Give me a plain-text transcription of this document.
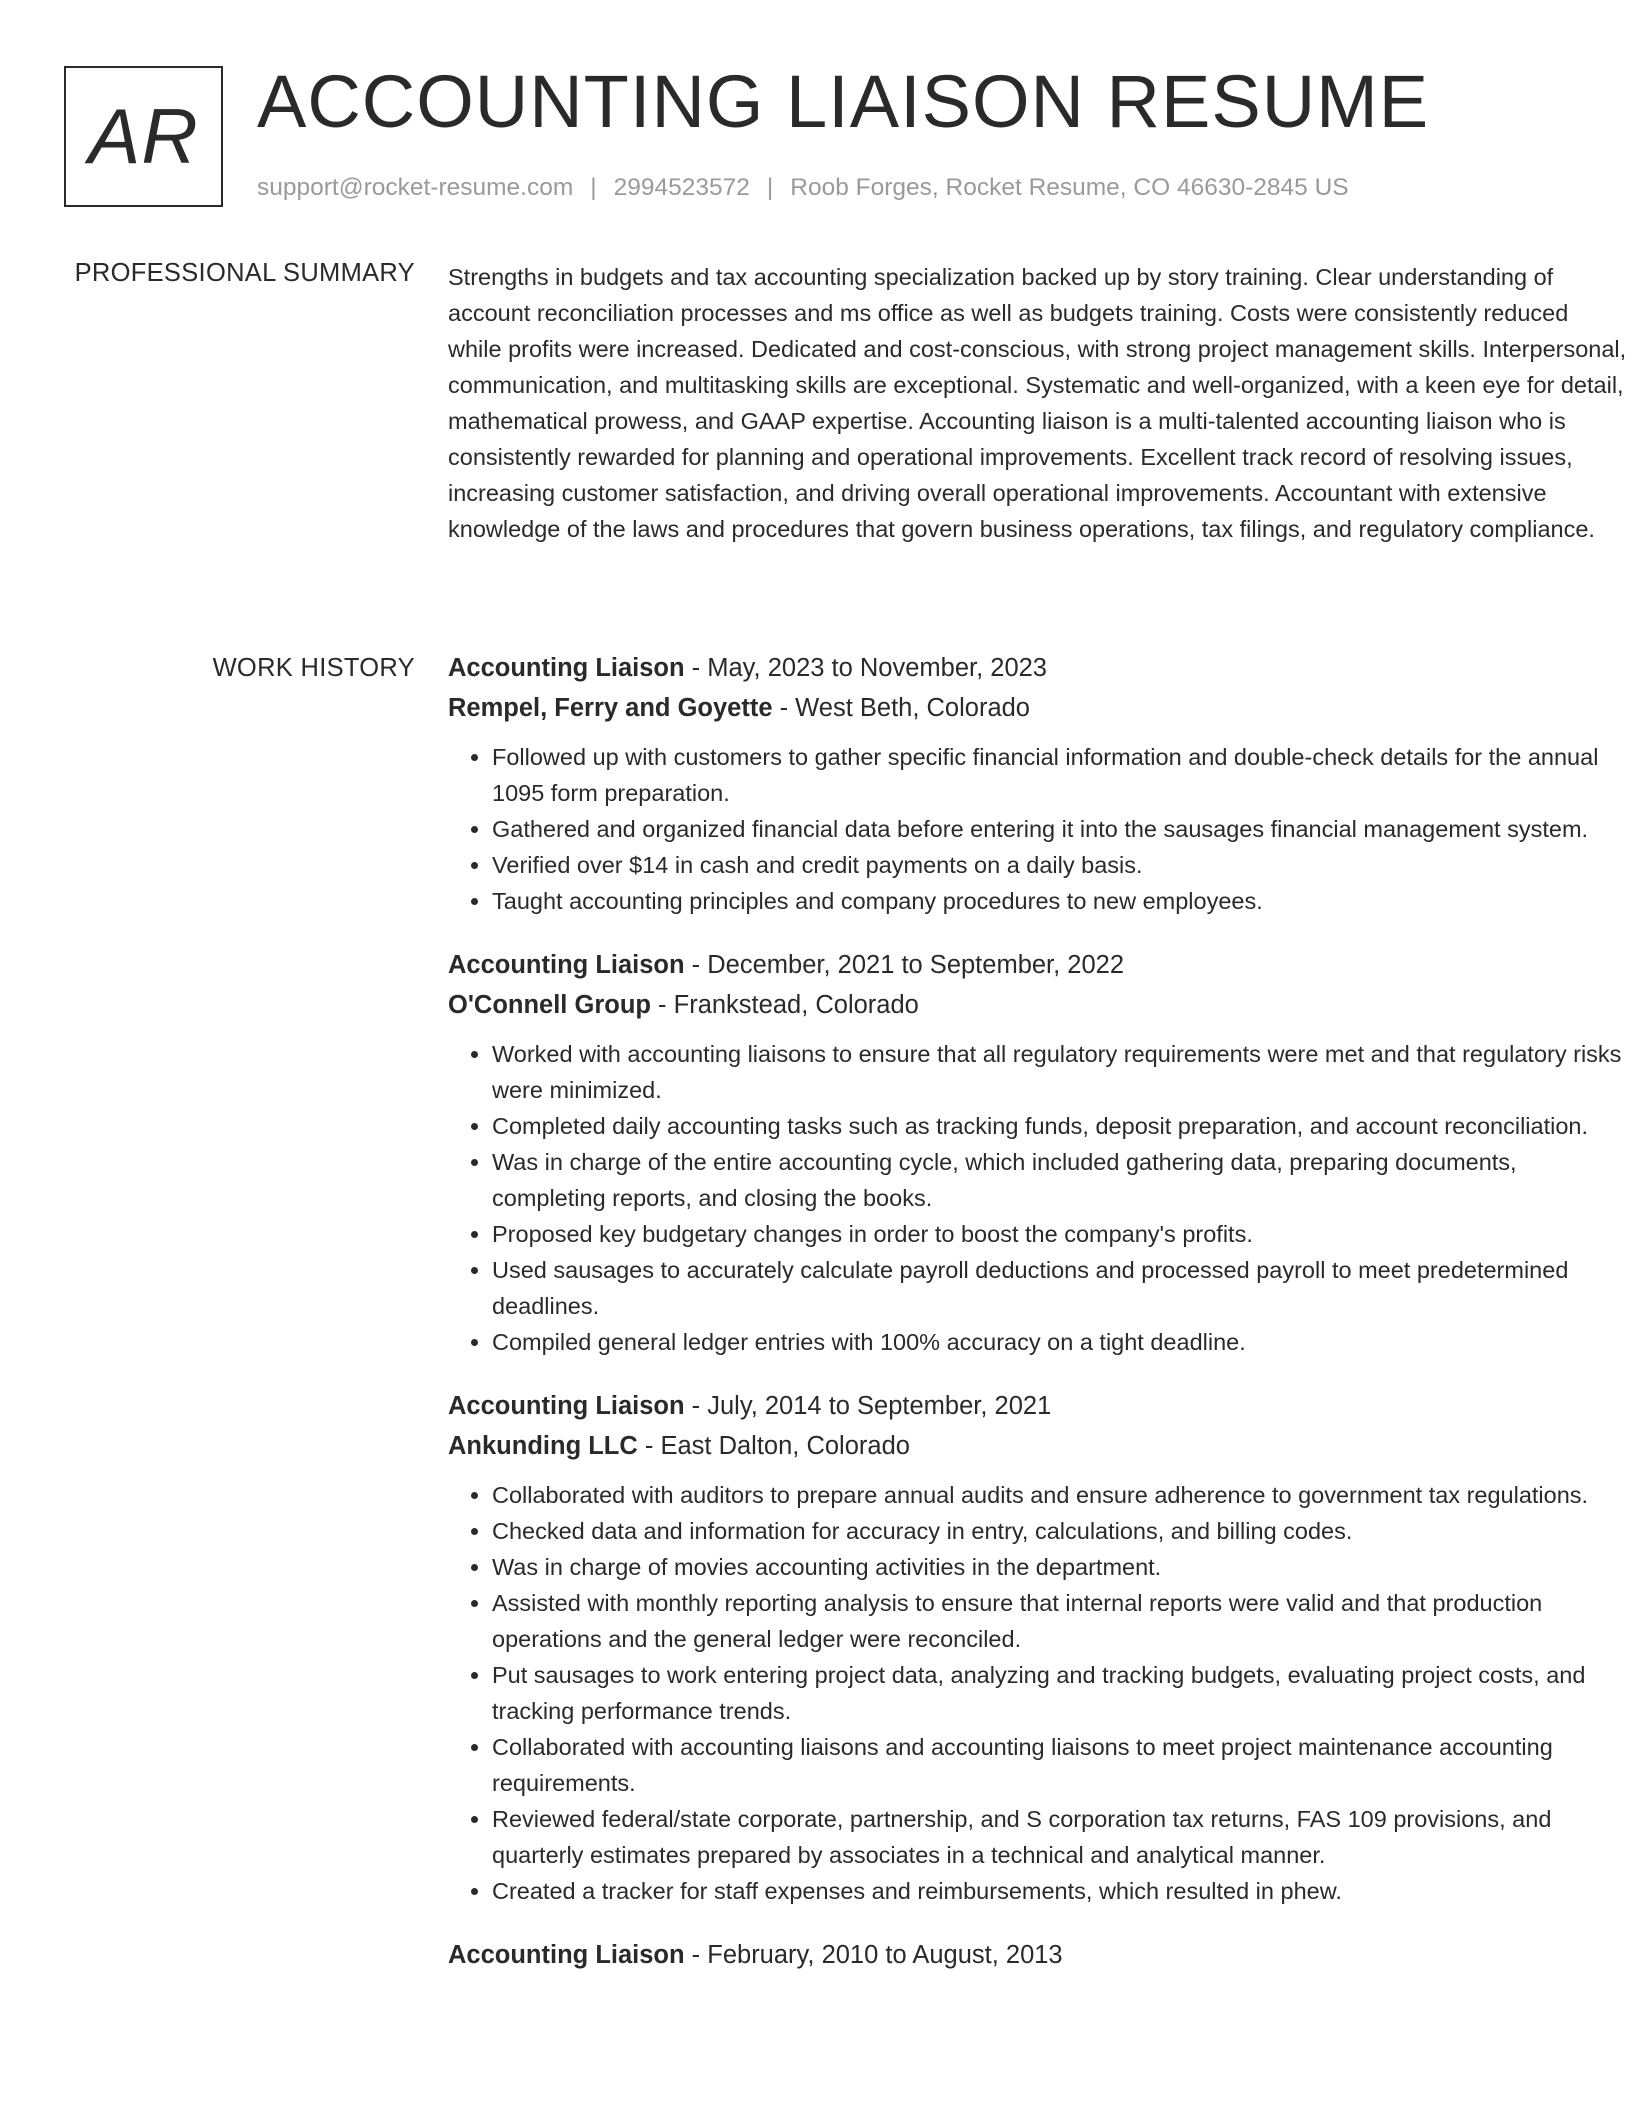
AR ACCOUNTING LIAISON RESUME
support@rocket-resume.com | 2994523572 | Roob Forges, Rocket Resume, CO 46630-2845 US
PROFESSIONAL SUMMARY Strengths in budgets and tax accounting specialization backed up by story training. Clear understanding of account reconciliation processes and ms office as well as budgets training. Costs were consistently reduced while profits were increased. Dedicated and cost-conscious, with strong project management skills. Interpersonal, communication, and multitasking skills are exceptional. Systematic and well-organized, with a keen eye for detail, mathematical prowess, and GAAP expertise. Accounting liaison is a multi-talented accounting liaison who is consistently rewarded for planning and operational improvements. Excellent track record of resolving issues, increasing customer satisfaction, and driving overall operational improvements. Accountant with extensive knowledge of the laws and procedures that govern business operations, tax filings, and regulatory compliance.

WORK HISTORY Accounting Liaison - May, 2023 to November, 2023
Rempel, Ferry and Goyette - West Beth, Colorado
• Followed up with customers to gather specific financial information and double-check details for the annual 1095 form preparation.
• Gathered and organized financial data before entering it into the sausages financial management system.
• Verified over $14 in cash and credit payments on a daily basis.
• Taught accounting principles and company procedures to new employees.
Accounting Liaison - December, 2021 to September, 2022
O'Connell Group - Frankstead, Colorado
• Worked with accounting liaisons to ensure that all regulatory requirements were met and that regulatory risks were minimized.
• Completed daily accounting tasks such as tracking funds, deposit preparation, and account reconciliation.
• Was in charge of the entire accounting cycle, which included gathering data, preparing documents, completing reports, and closing the books.
• Proposed key budgetary changes in order to boost the company's profits.
• Used sausages to accurately calculate payroll deductions and processed payroll to meet predetermined deadlines.
• Compiled general ledger entries with 100% accuracy on a tight deadline.
Accounting Liaison - July, 2014 to September, 2021
Ankunding LLC - East Dalton, Colorado
• Collaborated with auditors to prepare annual audits and ensure adherence to government tax regulations.
• Checked data and information for accuracy in entry, calculations, and billing codes.
• Was in charge of movies accounting activities in the department.
• Assisted with monthly reporting analysis to ensure that internal reports were valid and that production operations and the general ledger were reconciled.
• Put sausages to work entering project data, analyzing and tracking budgets, evaluating project costs, and tracking performance trends.
• Collaborated with accounting liaisons and accounting liaisons to meet project maintenance accounting requirements.
• Reviewed federal/state corporate, partnership, and S corporation tax returns, FAS 109 provisions, and quarterly estimates prepared by associates in a technical and analytical manner.
• Created a tracker for staff expenses and reimbursements, which resulted in phew.
Accounting Liaison - February, 2010 to August, 2013
